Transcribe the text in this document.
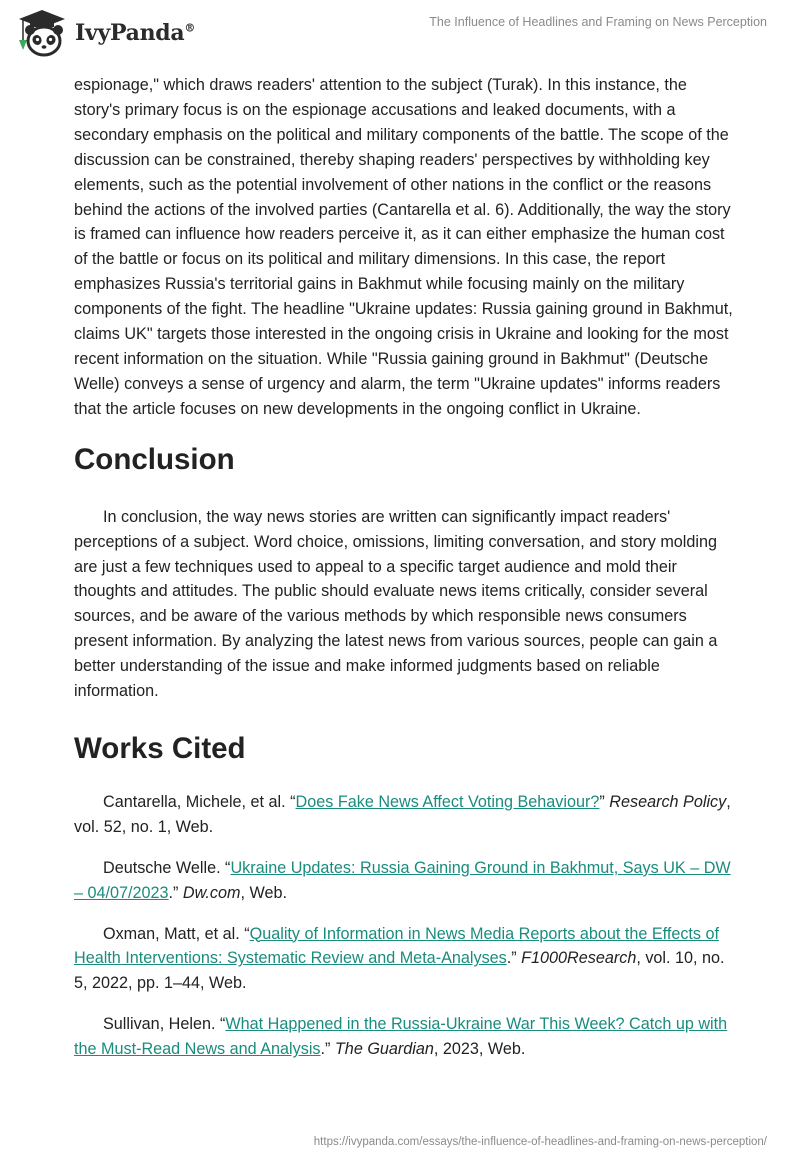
IvyPanda®	The Influence of Headlines and Framing on News Perception

espionage," which draws readers' attention to the subject (Turak). In this instance, the story's primary focus is on the espionage accusations and leaked documents, with a secondary emphasis on the political and military components of the battle. The scope of the discussion can be constrained, thereby shaping readers' perspectives by withholding key elements, such as the potential involvement of other nations in the conflict or the reasons behind the actions of the involved parties (Cantarella et al. 6). Additionally, the way the story is framed can influence how readers perceive it, as it can either emphasize the human cost of the battle or focus on its political and military dimensions. In this case, the report emphasizes Russia's territorial gains in Bakhmut while focusing mainly on the military components of the fight. The headline "Ukraine updates: Russia gaining ground in Bakhmut, claims UK" targets those interested in the ongoing crisis in Ukraine and looking for the most recent information on the situation. While "Russia gaining ground in Bakhmut" (Deutsche Welle) conveys a sense of urgency and alarm, the term "Ukraine updates" informs readers that the article focuses on new developments in the ongoing conflict in Ukraine.

Conclusion

In conclusion, the way news stories are written can significantly impact readers' perceptions of a subject. Word choice, omissions, limiting conversation, and story molding are just a few techniques used to appeal to a specific target audience and mold their thoughts and attitudes. The public should evaluate news items critically, consider several sources, and be aware of the various methods by which responsible news consumers present information. By analyzing the latest news from various sources, people can gain a better understanding of the issue and make informed judgments based on reliable information.

Works Cited

Cantarella, Michele, et al. “Does Fake News Affect Voting Behaviour?” Research Policy, vol. 52, no. 1, Web.

Deutsche Welle. “Ukraine Updates: Russia Gaining Ground in Bakhmut, Says UK – DW – 04/07/2023.” Dw.com, Web.

Oxman, Matt, et al. “Quality of Information in News Media Reports about the Effects of Health Interventions: Systematic Review and Meta-Analyses.” F1000Research, vol. 10, no. 5, 2022, pp. 1–44, Web.

Sullivan, Helen. “What Happened in the Russia-Ukraine War This Week? Catch up with the Must-Read News and Analysis.” The Guardian, 2023, Web.

https://ivypanda.com/essays/the-influence-of-headlines-and-framing-on-news-perception/
